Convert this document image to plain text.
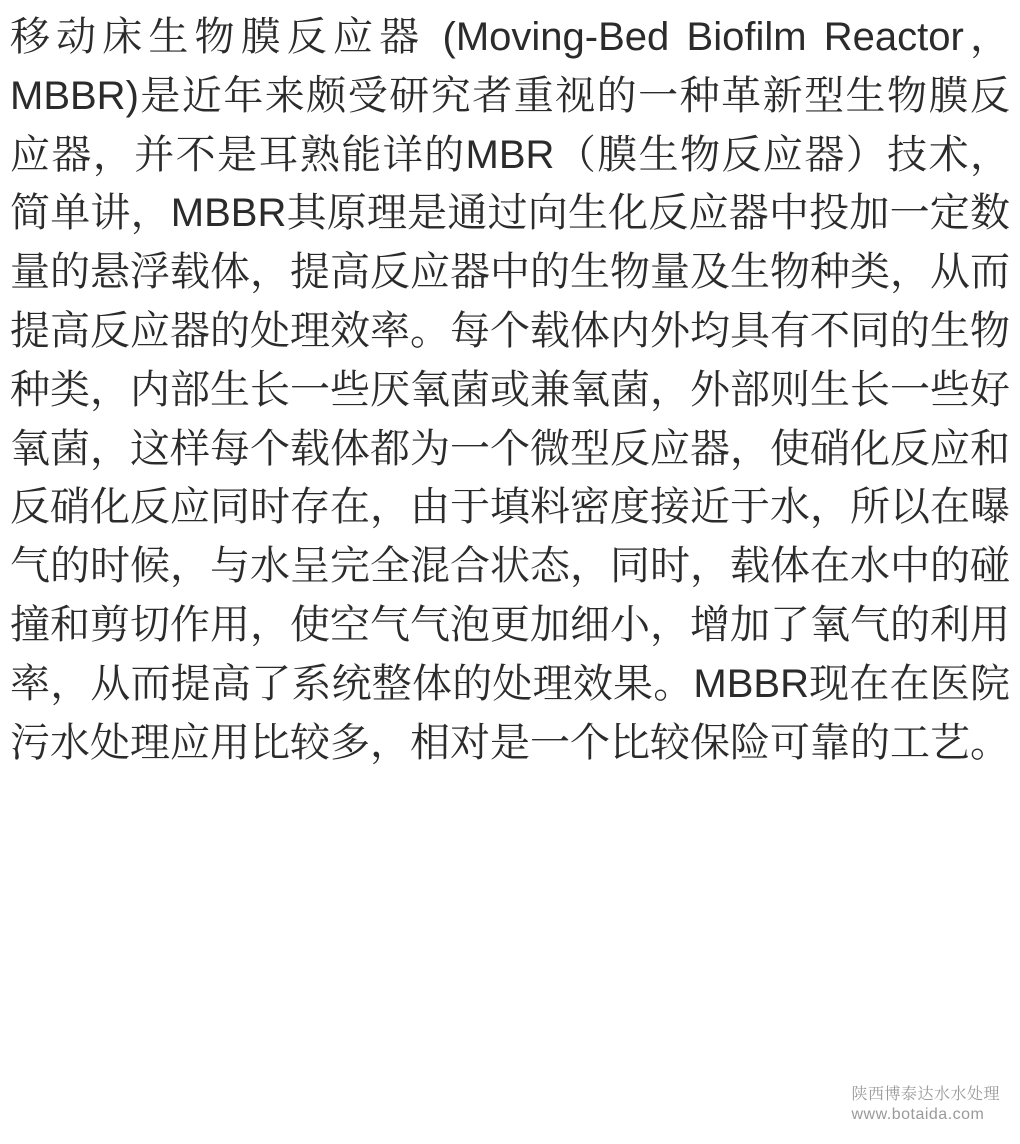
移动床生物膜反应器 (Moving-Bed Biofilm Reactor，MBBR)是近年来颇受研究者重视的一种革新型生物膜反应器，并不是耳熟能详的MBR（膜生物反应器）技术，简单讲，MBBR其原理是通过向生化反应器中投加一定数量的悬浮载体，提高反应器中的生物量及生物种类，从而提高反应器的处理效率。每个载体内外均具有不同的生物种类，内部生长一些厌氧菌或兼氧菌，外部则生长一些好氧菌，这样每个载体都为一个微型反应器，使硝化反应和反硝化反应同时存在，由于填料密度接近于水，所以在曝气的时候，与水呈完全混合状态，同时，载体在水中的碰撞和剪切作用，使空气气泡更加细小，增加了氧气的利用率，从而提高了系统整体的处理效果。MBBR现在在医院污水处理应用比较多，相对是一个比较保险可靠的工艺。
陕西博泰达水水处理
www.botaida.com
